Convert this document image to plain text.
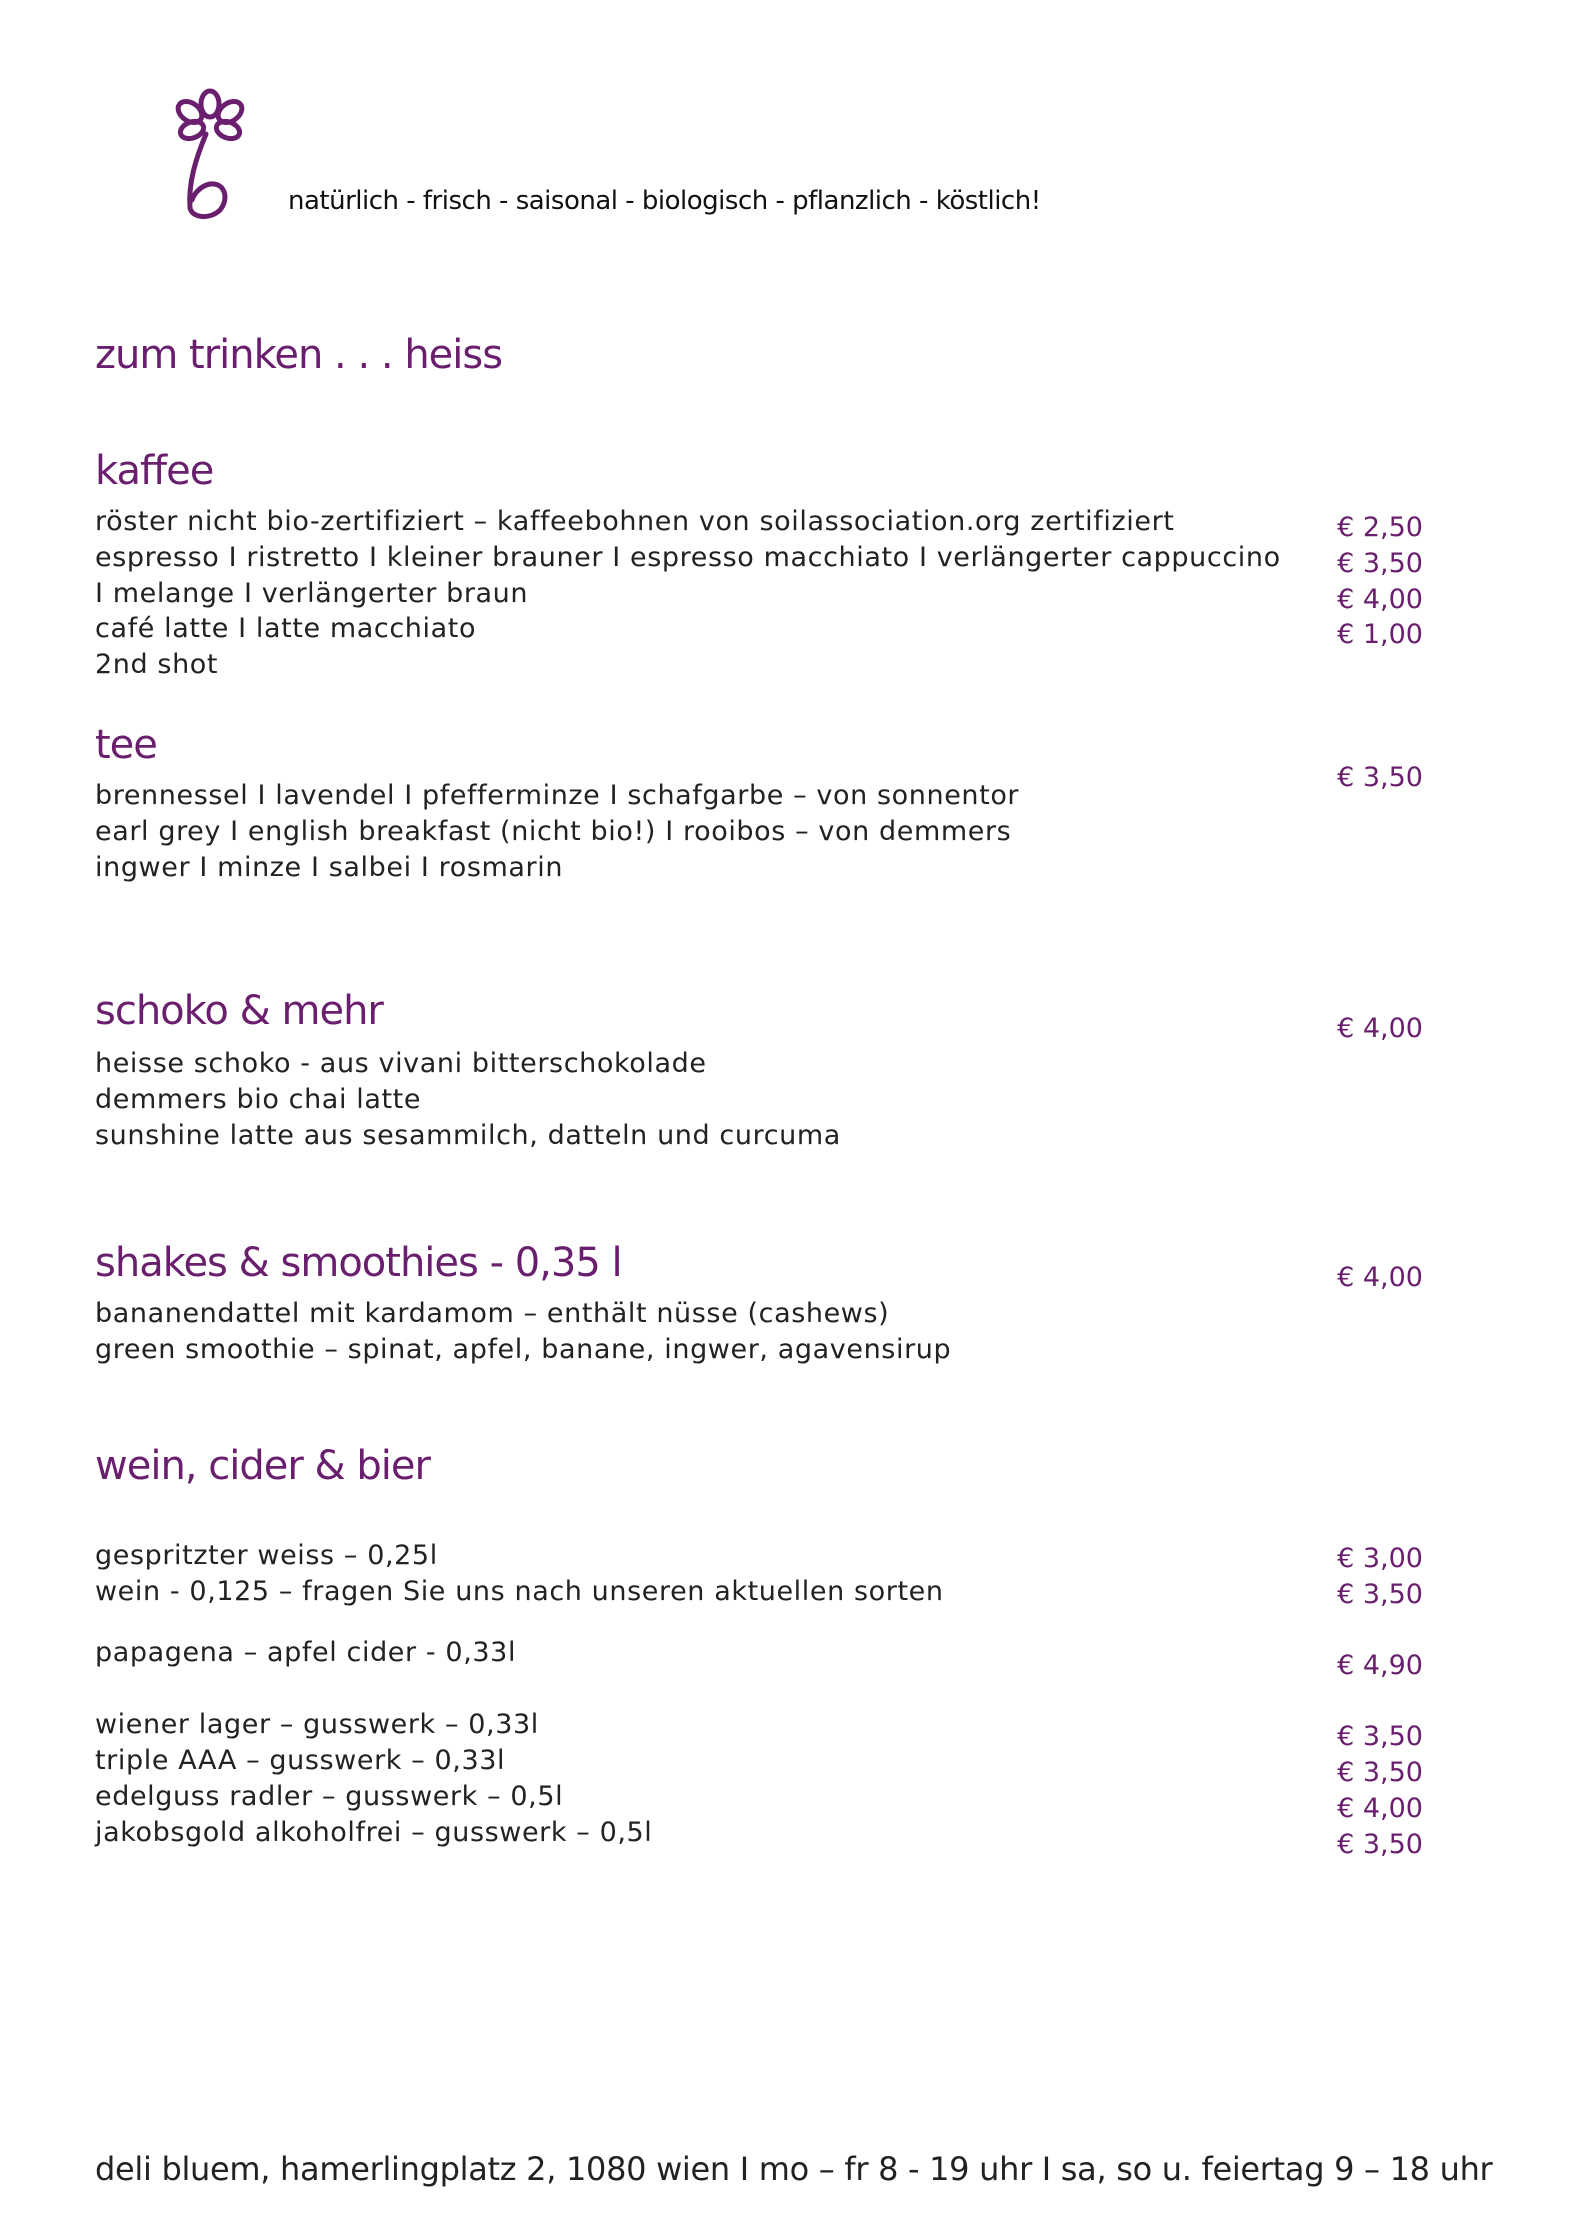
natürlich - frisch - saisonal - biologisch - pflanzlich - köstlich!
zum trinken . . . heiss
kaffee
röster nicht bio-zertifiziert – kaffeebohnen von soilassociation.org zertifiziert
espresso I ristretto I kleiner brauner I espresso macchiato I verlängerter cappuccino
I melange I verlängerter braun
café latte I latte macchiato
2nd shot
€ 2,50
€ 3,50
€ 4,00
€ 1,00
tee
brennessel I lavendel I pfefferminze I schafgarbe – von sonnentor
earl grey I english breakfast (nicht bio!) I rooibos – von demmers
ingwer I minze I salbei I rosmarin
€ 3,50
schoko & mehr
heisse schoko - aus vivani bitterschokolade
demmers bio chai latte
sunshine latte aus sesammilch, datteln und curcuma
€ 4,00
shakes & smoothies - 0,35 l
bananendattel mit kardamom – enthält nüsse (cashews)
green smoothie – spinat, apfel, banane, ingwer, agavensirup
€ 4,00
wein, cider & bier
gespritzter weiss – 0,25l
wein - 0,125 – fragen Sie uns nach unseren aktuellen sorten
papagena – apfel cider - 0,33l
wiener lager – gusswerk – 0,33l
triple AAA – gusswerk – 0,33l
edelguss radler – gusswerk – 0,5l
jakobsgold alkoholfrei – gusswerk – 0,5l
€ 3,00
€ 3,50
€ 4,90
€ 3,50
€ 3,50
€ 4,00
€ 3,50
deli bluem, hamerlingplatz 2, 1080 wien I mo – fr 8 - 19 uhr I sa, so u. feiertag 9 – 18 uhr
